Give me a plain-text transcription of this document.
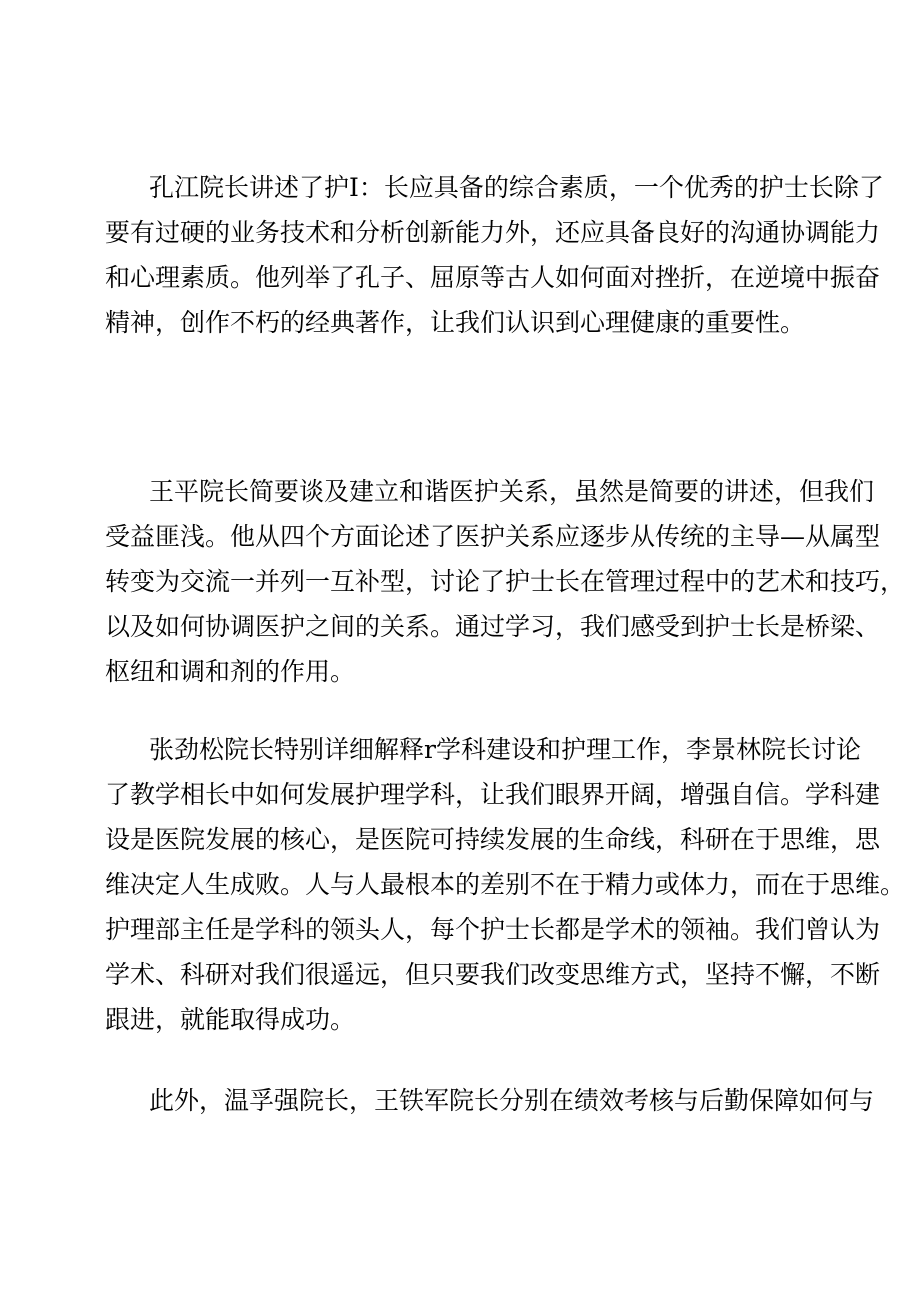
孔江院长讲述了护I：长应具备的综合素质，一个优秀的护士长除了
要有过硬的业务技术和分析创新能力外，还应具备良好的沟通协调能力
和心理素质。他列举了孔子、屈原等古人如何面对挫折，在逆境中振奋
精神，创作不朽的经典著作，让我们认识到心理健康的重要性。
王平院长简要谈及建立和谐医护关系，虽然是简要的讲述，但我们
受益匪浅。他从四个方面论述了医护关系应逐步从传统的主导—从属型
转变为交流一并列一互补型，讨论了护士长在管理过程中的艺术和技巧，
以及如何协调医护之间的关系。通过学习，我们感受到护士长是桥梁、
枢纽和调和剂的作用。
张劲松院长特别详细解释r学科建设和护理工作，李景林院长讨论
了教学相长中如何发展护理学科，让我们眼界开阔，增强自信。学科建
设是医院发展的核心，是医院可持续发展的生命线，科研在于思维，思
维决定人生成败。人与人最根本的差别不在于精力或体力，而在于思维。
护理部主任是学科的领头人，每个护士长都是学术的领袖。我们曾认为
学术、科研对我们很遥远，但只要我们改变思维方式，坚持不懈，不断
跟进，就能取得成功。
此外，温孚强院长，王铁军院长分别在绩效考核与后勤保障如何与
